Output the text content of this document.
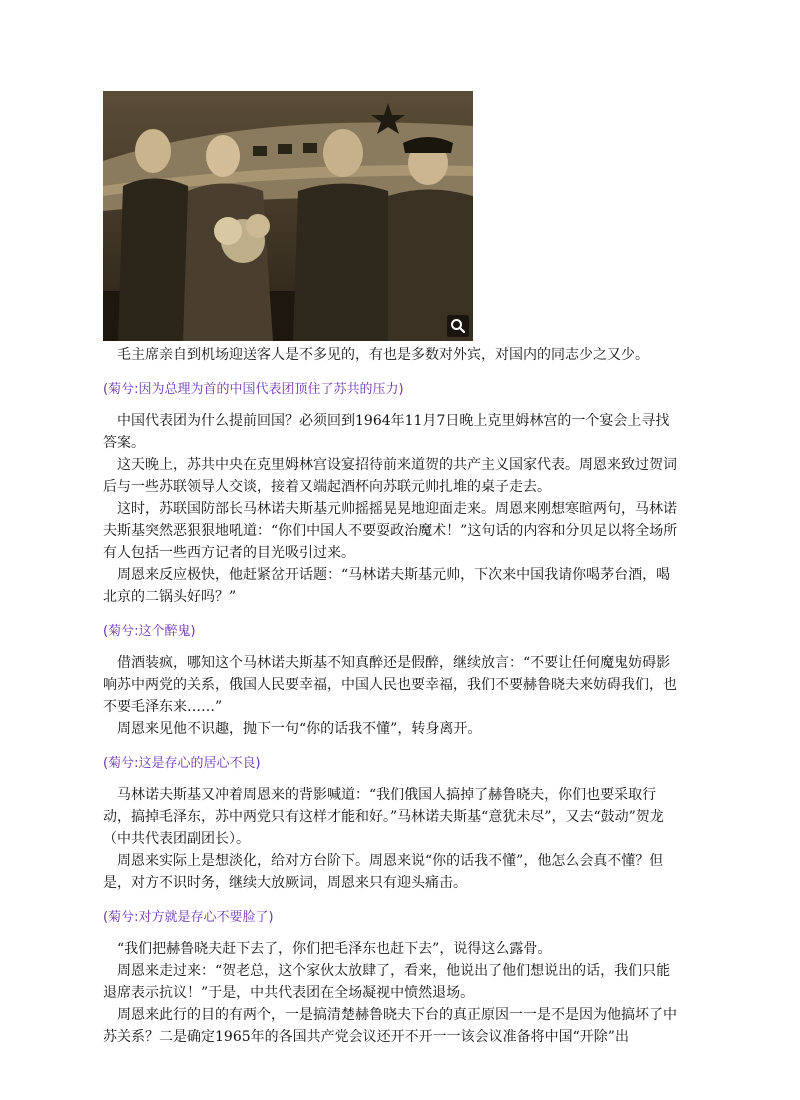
毛主席亲自到机场迎送客人是不多见的，有也是多数对外宾，对国内的同志少之又少。

(菊兮:因为总理为首的中国代表团顶住了苏共的压力)

中国代表团为什么提前回国？必须回到1964年11月7日晚上克里姆林宫的一个宴会上寻找答案。

这天晚上，苏共中央在克里姆林宫设宴招待前来道贺的共产主义国家代表。周恩来致过贺词后与一些苏联领导人交谈，接着又端起酒杯向苏联元帅扎堆的桌子走去。

这时，苏联国防部长马林诺夫斯基元帅摇摇晃晃地迎面走来。周恩来刚想寒暄两句，马林诺夫斯基突然恶狠狠地吼道：“你们中国人不要耍政治魔术！”这句话的内容和分贝足以将全场所有人包括一些西方记者的目光吸引过来。

周恩来反应极快，他赶紧岔开话题：“马林诺夫斯基元帅，下次来中国我请你喝茅台酒，喝北京的二锅头好吗？”

(菊兮:这个醉鬼)

借酒装疯，哪知这个马林诺夫斯基不知真醉还是假醉，继续放言：“不要让任何魔鬼妨碍影响苏中两党的关系，俄国人民要幸福，中国人民也要幸福，我们不要赫鲁晓夫来妨碍我们，也不要毛泽东来……”

周恩来见他不识趣，抛下一句“你的话我不懂”，转身离开。

(菊兮:这是存心的居心不良)

马林诺夫斯基又冲着周恩来的背影喊道：“我们俄国人搞掉了赫鲁晓夫，你们也要采取行动，搞掉毛泽东，苏中两党只有这样才能和好。”马林诺夫斯基“意犹未尽”，又去“鼓动”贺龙（中共代表团副团长）。

周恩来实际上是想淡化，给对方台阶下。周恩来说“你的话我不懂”，他怎么会真不懂？但是，对方不识时务，继续大放厥词，周恩来只有迎头痛击。

(菊兮:对方就是存心不要脸了)

“我们把赫鲁晓夫赶下去了，你们把毛泽东也赶下去”，说得这么露骨。

周恩来走过来：“贺老总，这个家伙太放肆了，看来，他说出了他们想说出的话，我们只能退席表示抗议！”于是，中共代表团在全场凝视中愤然退场。

周恩来此行的目的有两个，一是搞清楚赫鲁晓夫下台的真正原因一一是不是因为他搞坏了中苏关系？二是确定1965年的各国共产党会议还开不开一一该会议准备将中国“开除”出
